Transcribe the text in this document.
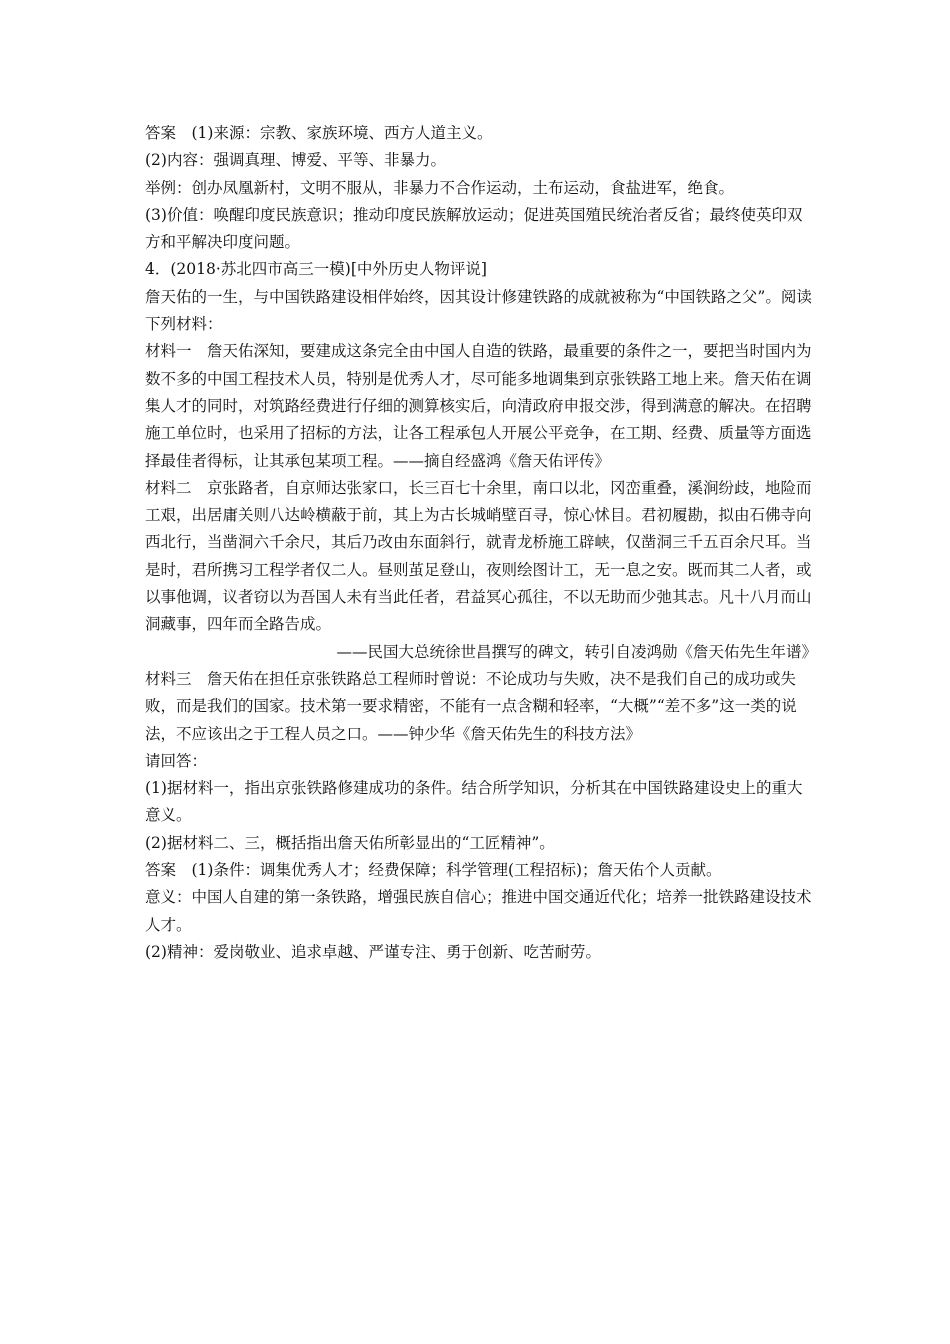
答案　(1)来源：宗教、家族环境、西方人道主义。

(2)内容：强调真理、博爱、平等、非暴力。

举例：创办凤凰新村，文明不服从，非暴力不合作运动，土布运动，食盐进军，绝食。

(3)价值：唤醒印度民族意识；推动印度民族解放运动；促进英国殖民统治者反省；最终使英印双方和平解决印度问题。

4．(2018·苏北四市高三一模)[中外历史人物评说]

詹天佑的一生，与中国铁路建设相伴始终，因其设计修建铁路的成就被称为“中国铁路之父”。阅读下列材料：

材料一　詹天佑深知，要建成这条完全由中国人自造的铁路，最重要的条件之一，要把当时国内为数不多的中国工程技术人员，特别是优秀人才，尽可能多地调集到京张铁路工地上来。詹天佑在调集人才的同时，对筑路经费进行仔细的测算核实后，向清政府申报交涉，得到满意的解决。在招聘施工单位时，也采用了招标的方法，让各工程承包人开展公平竞争，在工期、经费、质量等方面选择最佳者得标，让其承包某项工程。——摘自经盛鸿《詹天佑评传》

材料二　京张路者，自京师达张家口，长三百七十余里，南口以北，冈峦重叠，溪涧纷歧，地险而工艰，出居庸关则八达岭横蔽于前，其上为古长城峭壁百寻，惊心怵目。君初履勘，拟由石佛寺向西北行，当凿洞六千余尺，其后乃改由东面斜行，就青龙桥施工辟峡，仅凿洞三千五百余尺耳。当是时，君所携习工程学者仅二人。昼则茧足登山，夜则绘图计工，无一息之安。既而其二人者，或以事他调，议者窃以为吾国人未有当此任者，君益冥心孤往，不以无助而少弛其志。凡十八月而山洞藏事，四年而全路告成。

——民国大总统徐世昌撰写的碑文，转引自凌鸿勋《詹天佑先生年谱》

材料三　詹天佑在担任京张铁路总工程师时曾说：不论成功与失败，决不是我们自己的成功或失败，而是我们的国家。技术第一要求精密，不能有一点含糊和轻率，“大概”“差不多”这一类的说法，不应该出之于工程人员之口。——钟少华《詹天佑先生的科技方法》

请回答：

(1)据材料一，指出京张铁路修建成功的条件。结合所学知识，分析其在中国铁路建设史上的重大意义。

(2)据材料二、三，概括指出詹天佑所彰显出的“工匠精神”。

答案　(1)条件：调集优秀人才；经费保障；科学管理(工程招标)；詹天佑个人贡献。

意义：中国人自建的第一条铁路，增强民族自信心；推进中国交通近代化；培养一批铁路建设技术人才。

(2)精神：爱岗敬业、追求卓越、严谨专注、勇于创新、吃苦耐劳。
